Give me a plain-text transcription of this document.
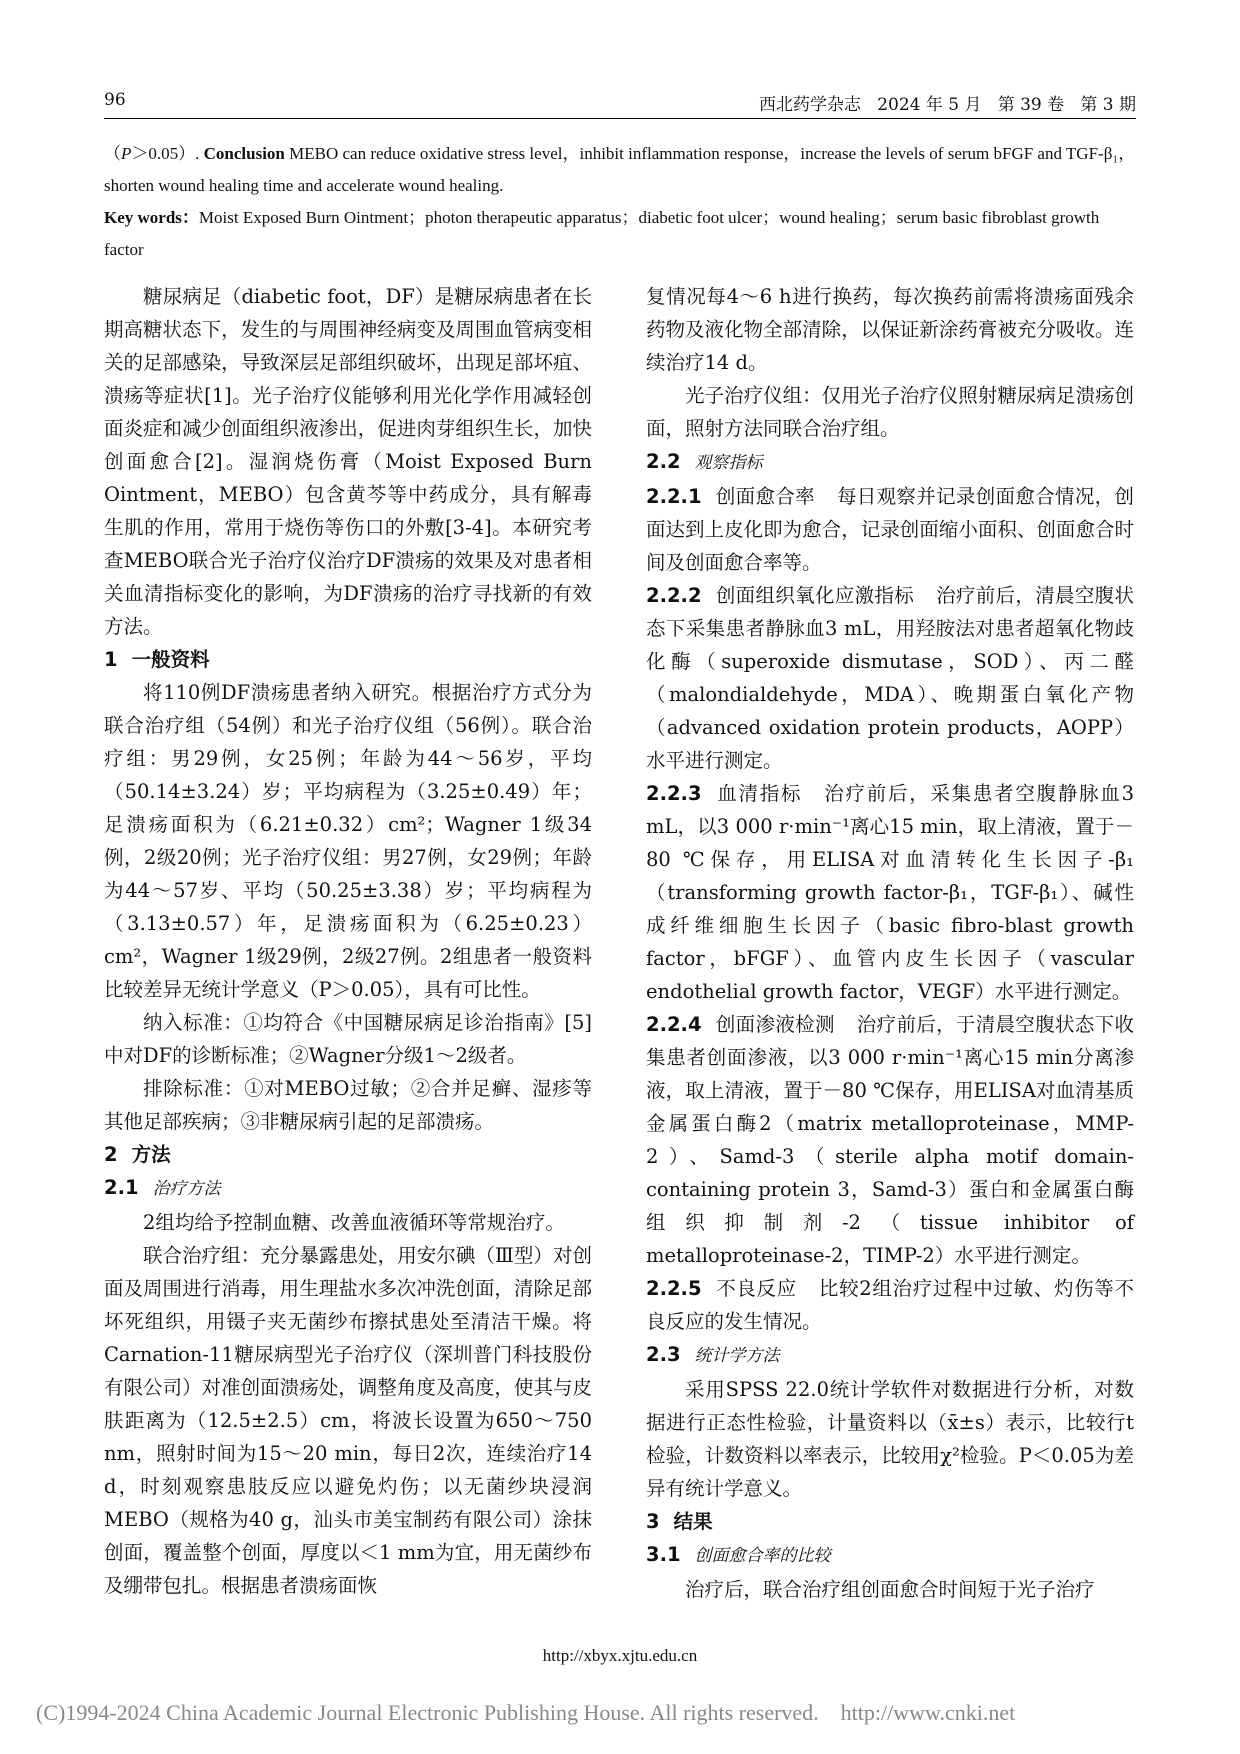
96	西北药学杂志   2024 年 5 月   第 39 卷   第 3 期

（P＞0.05）. Conclusion MEBO can reduce oxidative stress level，inhibit inflammation response，increase the levels of serum bFGF and TGF-β₁，shorten wound healing time and accelerate wound healing.

Key words：Moist Exposed Burn Ointment；photon therapeutic apparatus；diabetic foot ulcer；wound healing；serum basic fibroblast growth factor

糖尿病足（diabetic foot，DF）是糖尿病患者在长期高糖状态下，发生的与周围神经病变及周围血管病变相关的足部感染，导致深层足部组织破坏，出现足部坏疽、溃疡等症状[1]。光子治疗仪能够利用光化学作用减轻创面炎症和减少创面组织液渗出，促进肉芽组织生长，加快创面愈合[2]。湿润烧伤膏（Moist Exposed Burn Ointment，MEBO）包含黄芩等中药成分，具有解毒生肌的作用，常用于烧伤等伤口的外敷[3-4]。本研究考查MEBO联合光子治疗仪治疗DF溃疡的效果及对患者相关血清指标变化的影响，为DF溃疡的治疗寻找新的有效方法。

1 一般资料

将110例DF溃疡患者纳入研究。根据治疗方式分为联合治疗组（54例）和光子治疗仪组（56例）。联合治疗组：男29例，女25例；年龄为44～56岁，平均（50.14±3.24）岁；平均病程为（3.25±0.49）年；足溃疡面积为（6.21±0.32）cm²；Wagner 1级34例，2级20例；光子治疗仪组：男27例，女29例；年龄为44～57岁、平均（50.25±3.38）岁；平均病程为（3.13±0.57）年，足溃疡面积为（6.25±0.23）cm²，Wagner 1级29例，2级27例。2组患者一般资料比较差异无统计学意义（P＞0.05），具有可比性。

纳入标准：①均符合《中国糖尿病足诊治指南》[5]中对DF的诊断标准；②Wagner分级1～2级者。

排除标准：①对MEBO过敏；②合并足癣、湿疹等其他足部疾病；③非糖尿病引起的足部溃疡。

2 方法

2.1 治疗方法

2组均给予控制血糖、改善血液循环等常规治疗。

联合治疗组：充分暴露患处，用安尔碘（Ⅲ型）对创面及周围进行消毒，用生理盐水多次冲洗创面，清除足部坏死组织，用镊子夹无菌纱布擦拭患处至清洁干燥。将Carnation-11糖尿病型光子治疗仪（深圳普门科技股份有限公司）对准创面溃疡处，调整角度及高度，使其与皮肤距离为（12.5±2.5）cm，将波长设置为650～750 nm，照射时间为15～20 min，每日2次，连续治疗14 d，时刻观察患肢反应以避免灼伤；以无菌纱块浸润MEBO（规格为40 g，汕头市美宝制药有限公司）涂抹创面，覆盖整个创面，厚度以＜1 mm为宜，用无菌纱布及绷带包扎。根据患者溃疡面恢

复情况每4～6 h进行换药，每次换药前需将溃疡面残余药物及液化物全部清除，以保证新涂药膏被充分吸收。连续治疗14 d。

光子治疗仪组：仅用光子治疗仪照射糖尿病足溃疡创面，照射方法同联合治疗组。

2.2 观察指标

2.2.1 创面愈合率 每日观察并记录创面愈合情况，创面达到上皮化即为愈合，记录创面缩小面积、创面愈合时间及创面愈合率等。

2.2.2 创面组织氧化应激指标 治疗前后，清晨空腹状态下采集患者静脉血3 mL，用羟胺法对患者超氧化物歧化酶（superoxide dismutase，SOD）、丙二醛（malondialdehyde，MDA）、晚期蛋白氧化产物（advanced oxidation protein products，AOPP）水平进行测定。

2.2.3 血清指标 治疗前后，采集患者空腹静脉血3 mL，以3 000 r·min⁻¹离心15 min，取上清液，置于－80 ℃保存，用ELISA对血清转化生长因子-β₁（transforming growth factor-β₁，TGF-β₁）、碱性成纤维细胞生长因子（basic fibro-blast growth factor，bFGF）、血管内皮生长因子（vascular endothelial growth factor，VEGF）水平进行测定。

2.2.4 创面渗液检测 治疗前后，于清晨空腹状态下收集患者创面渗液，以3 000 r·min⁻¹离心15 min分离渗液，取上清液，置于－80 ℃保存，用ELISA对血清基质金属蛋白酶2（matrix metalloproteinase，MMP-2）、Samd-3（sterile alpha motif domain-containing protein 3，Samd-3）蛋白和金属蛋白酶组织抑制剂-2（tissue inhibitor of metalloproteinase-2，TIMP-2）水平进行测定。

2.2.5 不良反应 比较2组治疗过程中过敏、灼伤等不良反应的发生情况。

2.3 统计学方法

采用SPSS 22.0统计学软件对数据进行分析，对数据进行正态性检验，计量资料以（x̄±s）表示，比较行t检验，计数资料以率表示，比较用χ²检验。P＜0.05为差异有统计学意义。

3 结果

3.1 创面愈合率的比较

治疗后，联合治疗组创面愈合时间短于光子治疗

http://xbyx.xjtu.edu.cn
(C)1994-2024 China Academic Journal Electronic Publishing House. All rights reserved.    http://www.cnki.net
